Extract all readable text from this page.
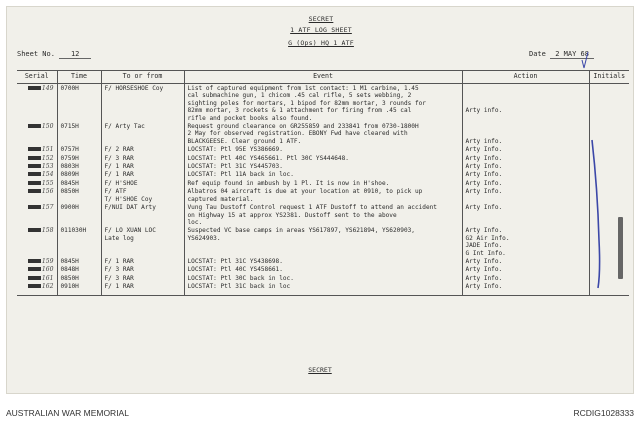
SECRET
1 ATF LOG SHEET
G (Ops) HQ 1 ATF
Sheet No. 12	Date 2 MAY 68
Serial	Time	To or from	Event	Action	Initials
149	0700H	F/ HORSESHOE Coy	List of captured equipment from 1st contact: 1 M1 carbine, 1.45
cal submachine gun, 1 chicom .45 cal rifle, 5 sets webbing, 2
sighting poles for mortars, 1 bipod for 82mm mortar, 3 rounds for
82mm mortar, 3 rockets & 1 attachment for firing from .45 cal
rifle and pocket books also found.	Arty info.	

150	0715H	F/ Arty Tac	Request ground clearance on GR255859 and 233841 from 0730-1800H
2 May for observed registration. EBONY Fwd have cleared with
BLACKGEESE. Clear ground 1 ATF.	Arty info.	

151	0757H	F/ 2 RAR	LOCSTAT: Ptl 95E YS386669.	Arty Info.	

152	0759H	F/ 3 RAR	LOCSTAT: Ptl 40C YS465661. Ptl 30C YS444648.	Arty Info.	

153	0803H	F/ 1 RAR	LOCSTAT: Ptl 31C YS445703.	Arty Info.	

154	0809H	F/ 1 RAR	LOCSTAT: Ptl 11A back in loc.	Arty Info.	

155	0845H	F/ H'SHOE	Ref equip found in ambush by 1 Pl. It is now in H'shoe.	Arty Info.	

156	0850H	F/ ATF
T/ H'SHOE Coy	Albatros 04 aircraft is due at your location at 0910, to pick up
captured material.	Arty Info.	

157	0900H	F/NUI DAT Arty	Vung Tau Dustoff Control request 1 ATF Dustoff to attend an accident
on Highway 15 at approx YS2381. Dustoff sent to the above
loc.	Arty Info.	

158	011030H	F/ LO XUAN LOC
Late log	Suspected VC base camps in areas YS617897, YS621894, YS620903,
YS624903.	Arty Info.
G2 Air Info.
JADE Info.
G Int Info.	

159	0845H	F/ 1 RAR	LOCSTAT: Ptl 31C YS438698.	Arty Info.	

160	0848H	F/ 3 RAR	LOCSTAT: Ptl 40C YS458661.	Arty Info.	

161	0850H	F/ 3 RAR	LOCSTAT: Ptl 30C back in loc.	Arty Info.	

162	0910H	F/ 1 RAR	LOCSTAT: Ptl 31C back in loc	Arty Info.	

SECRET
AUSTRALIAN WAR MEMORIAL	RCDIG1028333
